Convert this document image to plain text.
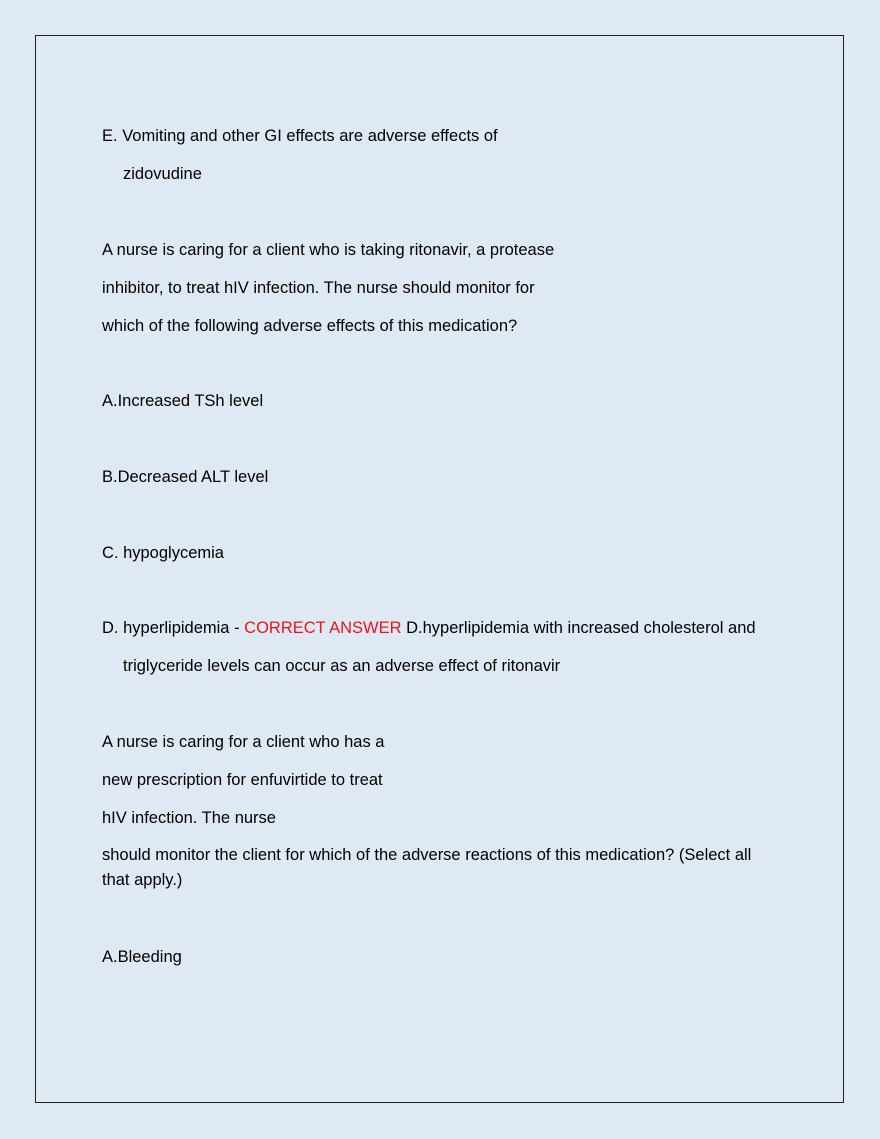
E. Vomiting and other GI effects are adverse effects of
zidovudine
A nurse is caring for a client who is taking ritonavir, a protease
inhibitor, to treat hIV infection. The nurse should monitor for
which of the following adverse effects of this medication?
A.Increased TSh level
B.Decreased ALT level
C. hypoglycemia
D. hyperlipidemia - CORRECT ANSWER D.hyperlipidemia with increased cholesterol and
triglyceride levels can occur as an adverse effect of ritonavir
A nurse is caring for a client who has a
new prescription for enfuvirtide to treat
hIV infection. The nurse
should monitor the client for which of the adverse reactions of this medication? (Select all that apply.)
A.Bleeding
